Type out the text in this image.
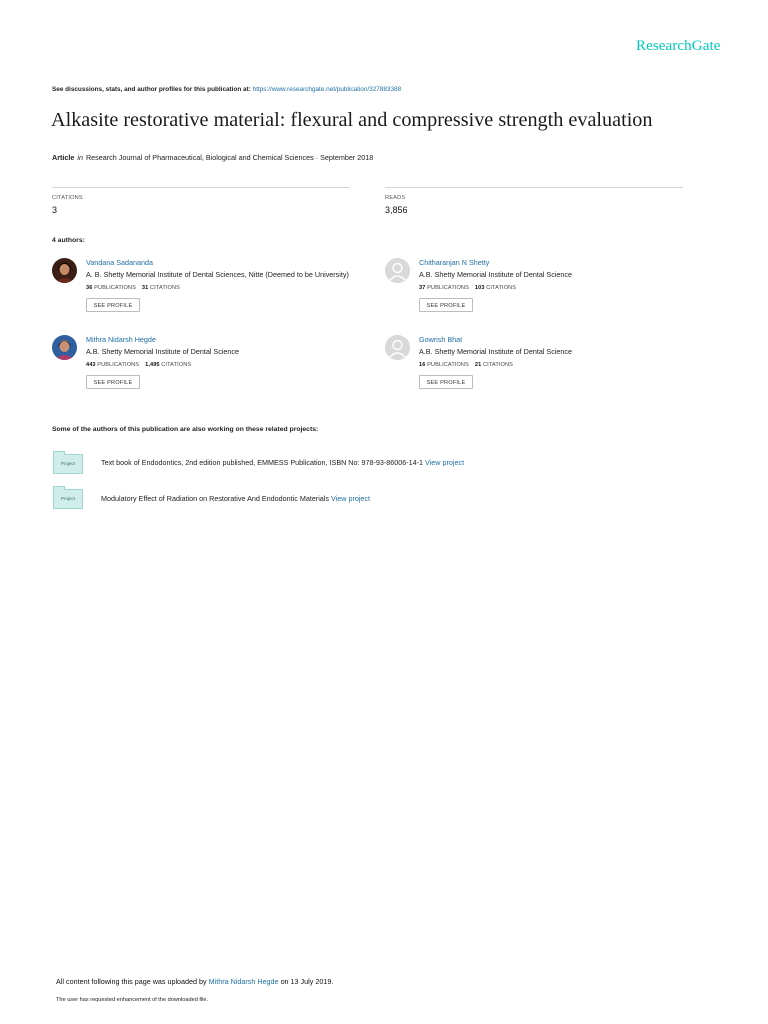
ResearchGate
See discussions, stats, and author profiles for this publication at: https://www.researchgate.net/publication/327883388
Alkasite restorative material: flexural and compressive strength evaluation
Article in Research Journal of Pharmaceutical, Biological and Chemical Sciences · September 2018
CITATIONS
3
READS
3,856
4 authors:
Vandana Sadananda
A. B. Shetty Memorial Institute of Dental Sciences, Nitte (Deemed to be University)
36 PUBLICATIONS 31 CITATIONS
SEE PROFILE
Chitharanjan N Shetty
A.B. Shetty Memorial Institute of Dental Science
37 PUBLICATIONS 103 CITATIONS
SEE PROFILE
Mithra Nidarsh Hegde
A.B. Shetty Memorial Institute of Dental Science
443 PUBLICATIONS 1,495 CITATIONS
SEE PROFILE
Gowrish Bhat
A.B. Shetty Memorial Institute of Dental Science
16 PUBLICATIONS 21 CITATIONS
SEE PROFILE
Some of the authors of this publication are also working on these related projects:
Project	Text book of Endodontics, 2nd edition published, EMMESS Publication, ISBN No: 978-93-86006-14-1 View project
Project	Modulatory Effect of Radiation on Restorative And Endodontic Materials View project
All content following this page was uploaded by Mithra Nidarsh Hegde on 13 July 2019.
The user has requested enhancement of the downloaded file.
